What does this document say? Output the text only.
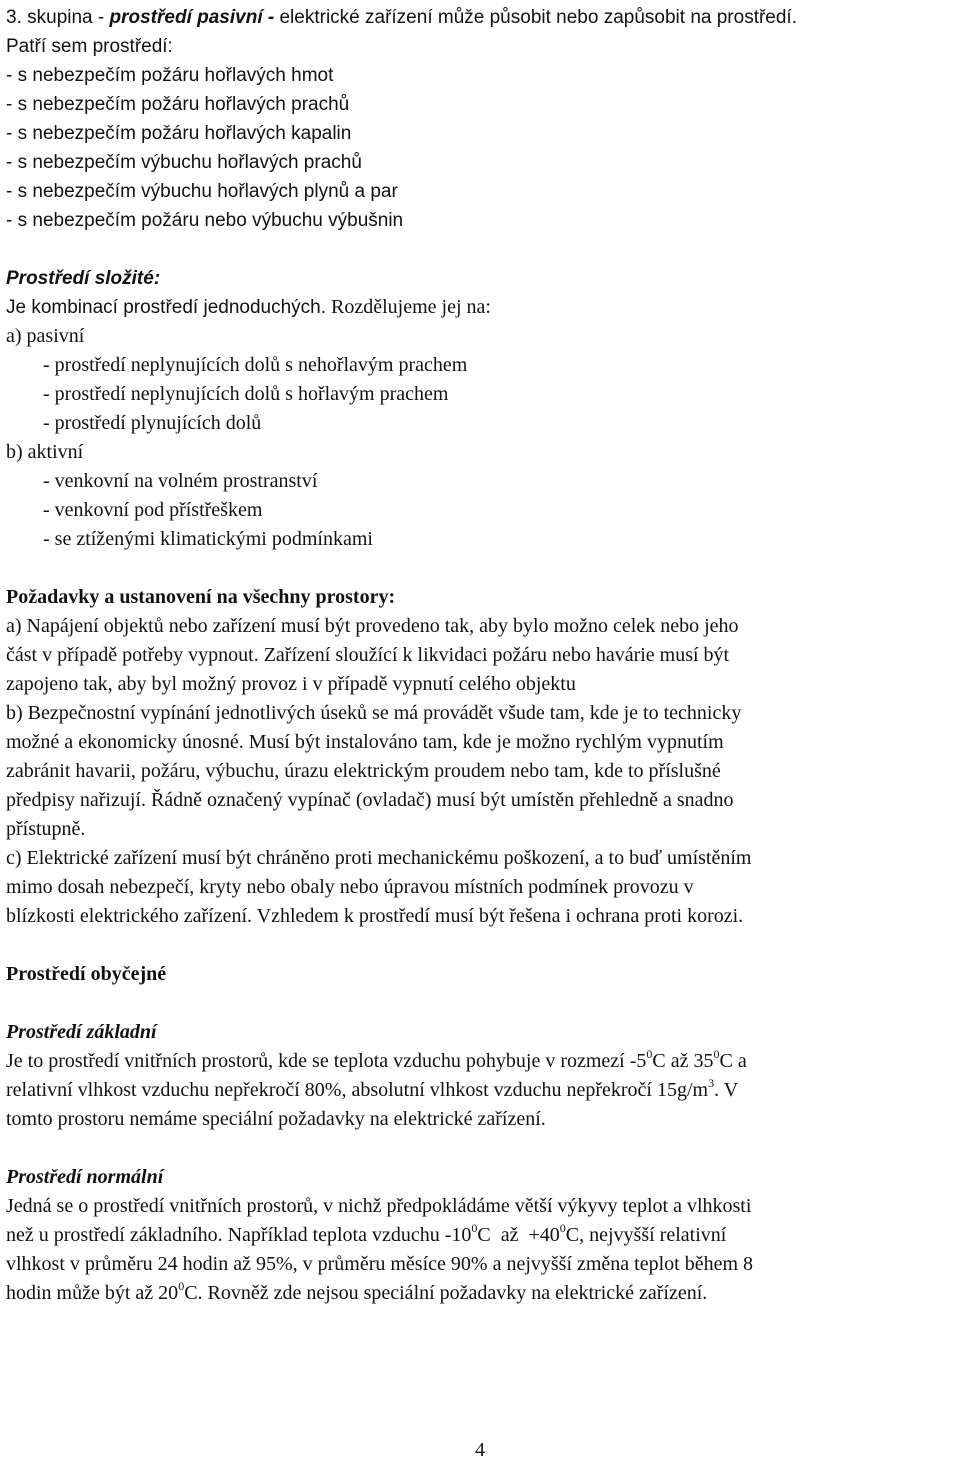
3. skupina - prostředí pasivní - elektrické zařízení může působit nebo zapůsobit na prostředí.
Patří sem prostředí:
- s nebezpečím požáru hořlavých hmot
- s nebezpečím požáru hořlavých prachů
- s nebezpečím požáru hořlavých kapalin
- s nebezpečím výbuchu hořlavých prachů
- s nebezpečím výbuchu hořlavých plynů a par
- s nebezpečím požáru nebo výbuchu výbušnin
Prostředí složité:
Je kombinací prostředí jednoduchých. Rozdělujeme jej na:
a) pasivní
- prostředí neplynujících dolů s nehořlavým prachem
- prostředí neplynujících dolů s hořlavým prachem
- prostředí plynujících dolů
b) aktivní
- venkovní na volném prostranství
- venkovní pod přístřeškem
- se ztíženými klimatickými podmínkami
Požadavky a ustanovení na všechny prostory:
a) Napájení objektů nebo zařízení musí být provedeno tak, aby bylo možno celek nebo jeho
část v případě potřeby vypnout. Zařízení sloužící k likvidaci požáru nebo havárie musí být
zapojeno tak, aby byl možný provoz i v případě vypnutí celého objektu
b) Bezpečnostní vypínání jednotlivých úseků se má provádět všude tam, kde je to technicky
možné a ekonomicky únosné. Musí být instalováno tam, kde je možno rychlým vypnutím
zabránit havarii, požáru, výbuchu, úrazu elektrickým proudem nebo tam, kde to příslušné
předpisy nařizují. Řádně označený vypínač (ovladač) musí být umístěn přehledně a snadno
přístupně.
c) Elektrické zařízení musí být chráněno proti mechanickému poškození, a to buď umístěním
mimo dosah nebezpečí, kryty nebo obaly nebo úpravou místních podmínek provozu v
blízkosti elektrického zařízení. Vzhledem k prostředí musí být řešena i ochrana proti korozi.
Prostředí obyčejné
Prostředí základní
Je to prostředí vnitřních prostorů, kde se teplota vzduchu pohybuje v rozmezí $-5^0C$ až $35^0C$ a
relativní vlhkost vzduchu nepřekročí 80%, absolutní vlhkost vzduchu nepřekročí $15g/m^3$. V
tomto prostoru nemáme speciální požadavky na elektrické zařízení.
Prostředí normální
Jedná se o prostředí vnitřních prostorů, v nichž předpokládáme větší výkyvy teplot a vlhkosti
než u prostředí základního. Například teplota vzduchu $-10^0C$  až  $+40^0C$, nejvyšší relativní
vlhkost v průměru 24 hodin až 95%, v průměru měsíce 90% a nejvyšší změna teplot během 8
hodin může být až $20^0C$. Rovněž zde nejsou speciální požadavky na elektrické zařízení.
4
